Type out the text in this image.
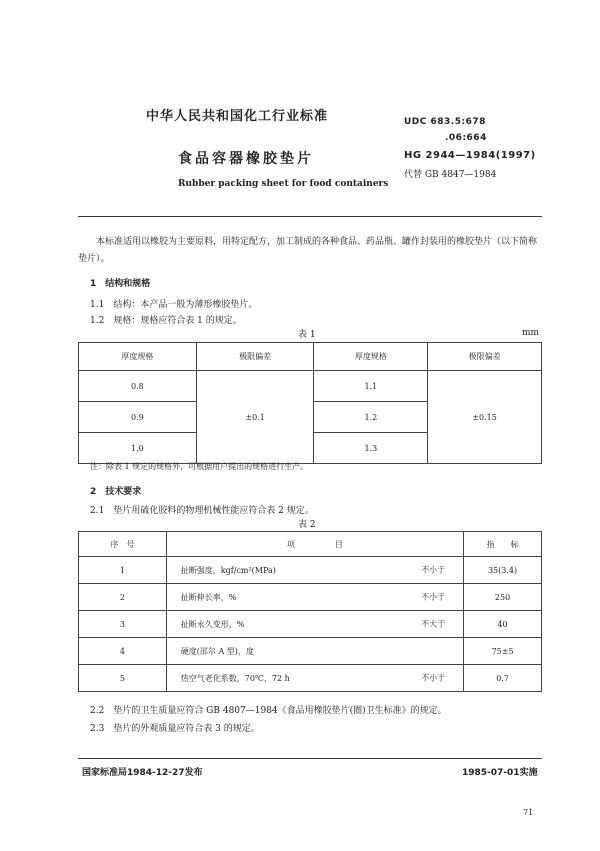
中华人民共和国化工行业标准
食品容器橡胶垫片
Rubber packing sheet for food containers
UDC 683.5:678
.06:664
HG 2944—1984(1997)
代替 GB 4847—1984
本标准适用以橡胶为主要原料，用特定配方，加工制成的各种食品、药品瓶、罐作封装用的橡胶垫片（以下简称垫片）。
1　结构和规格
1.1　结构：本产品一般为薄形橡胶垫片。
1.2　规格：规格应符合表 1 的规定。
表 1	mm
厚度规格	极限偏差	厚度规格	极限偏差
0.8	±0.1	1.1	±0.15
0.9		1.2	
1.0		1.3	
注：除表 1 规定的规格外，可根据用户提出的规格进行生产。
2　技术要求
2.1　垫片用硫化胶料的物理机械性能应符合表 2 规定。
表 2
序　号	项　　　　　目	指　　标
1	扯断强度，kgf/cm²(MPa) 不小于	35(3.4)
2	扯断伸长率，% 不小于	250
3	扯断永久变形，% 不大于	40
4	硬度(邵尔 A 型)，度	75±5
5	热空气老化系数，70℃，72 h 不小于	0.7
2.2　垫片的卫生质量应符合 GB 4807—1984《食品用橡胶垫片(圈)卫生标准》的规定。
2.3　垫片的外观质量应符合表 3 的规定。
国家标准局1984-12-27发布	1985-07-01实施
71
